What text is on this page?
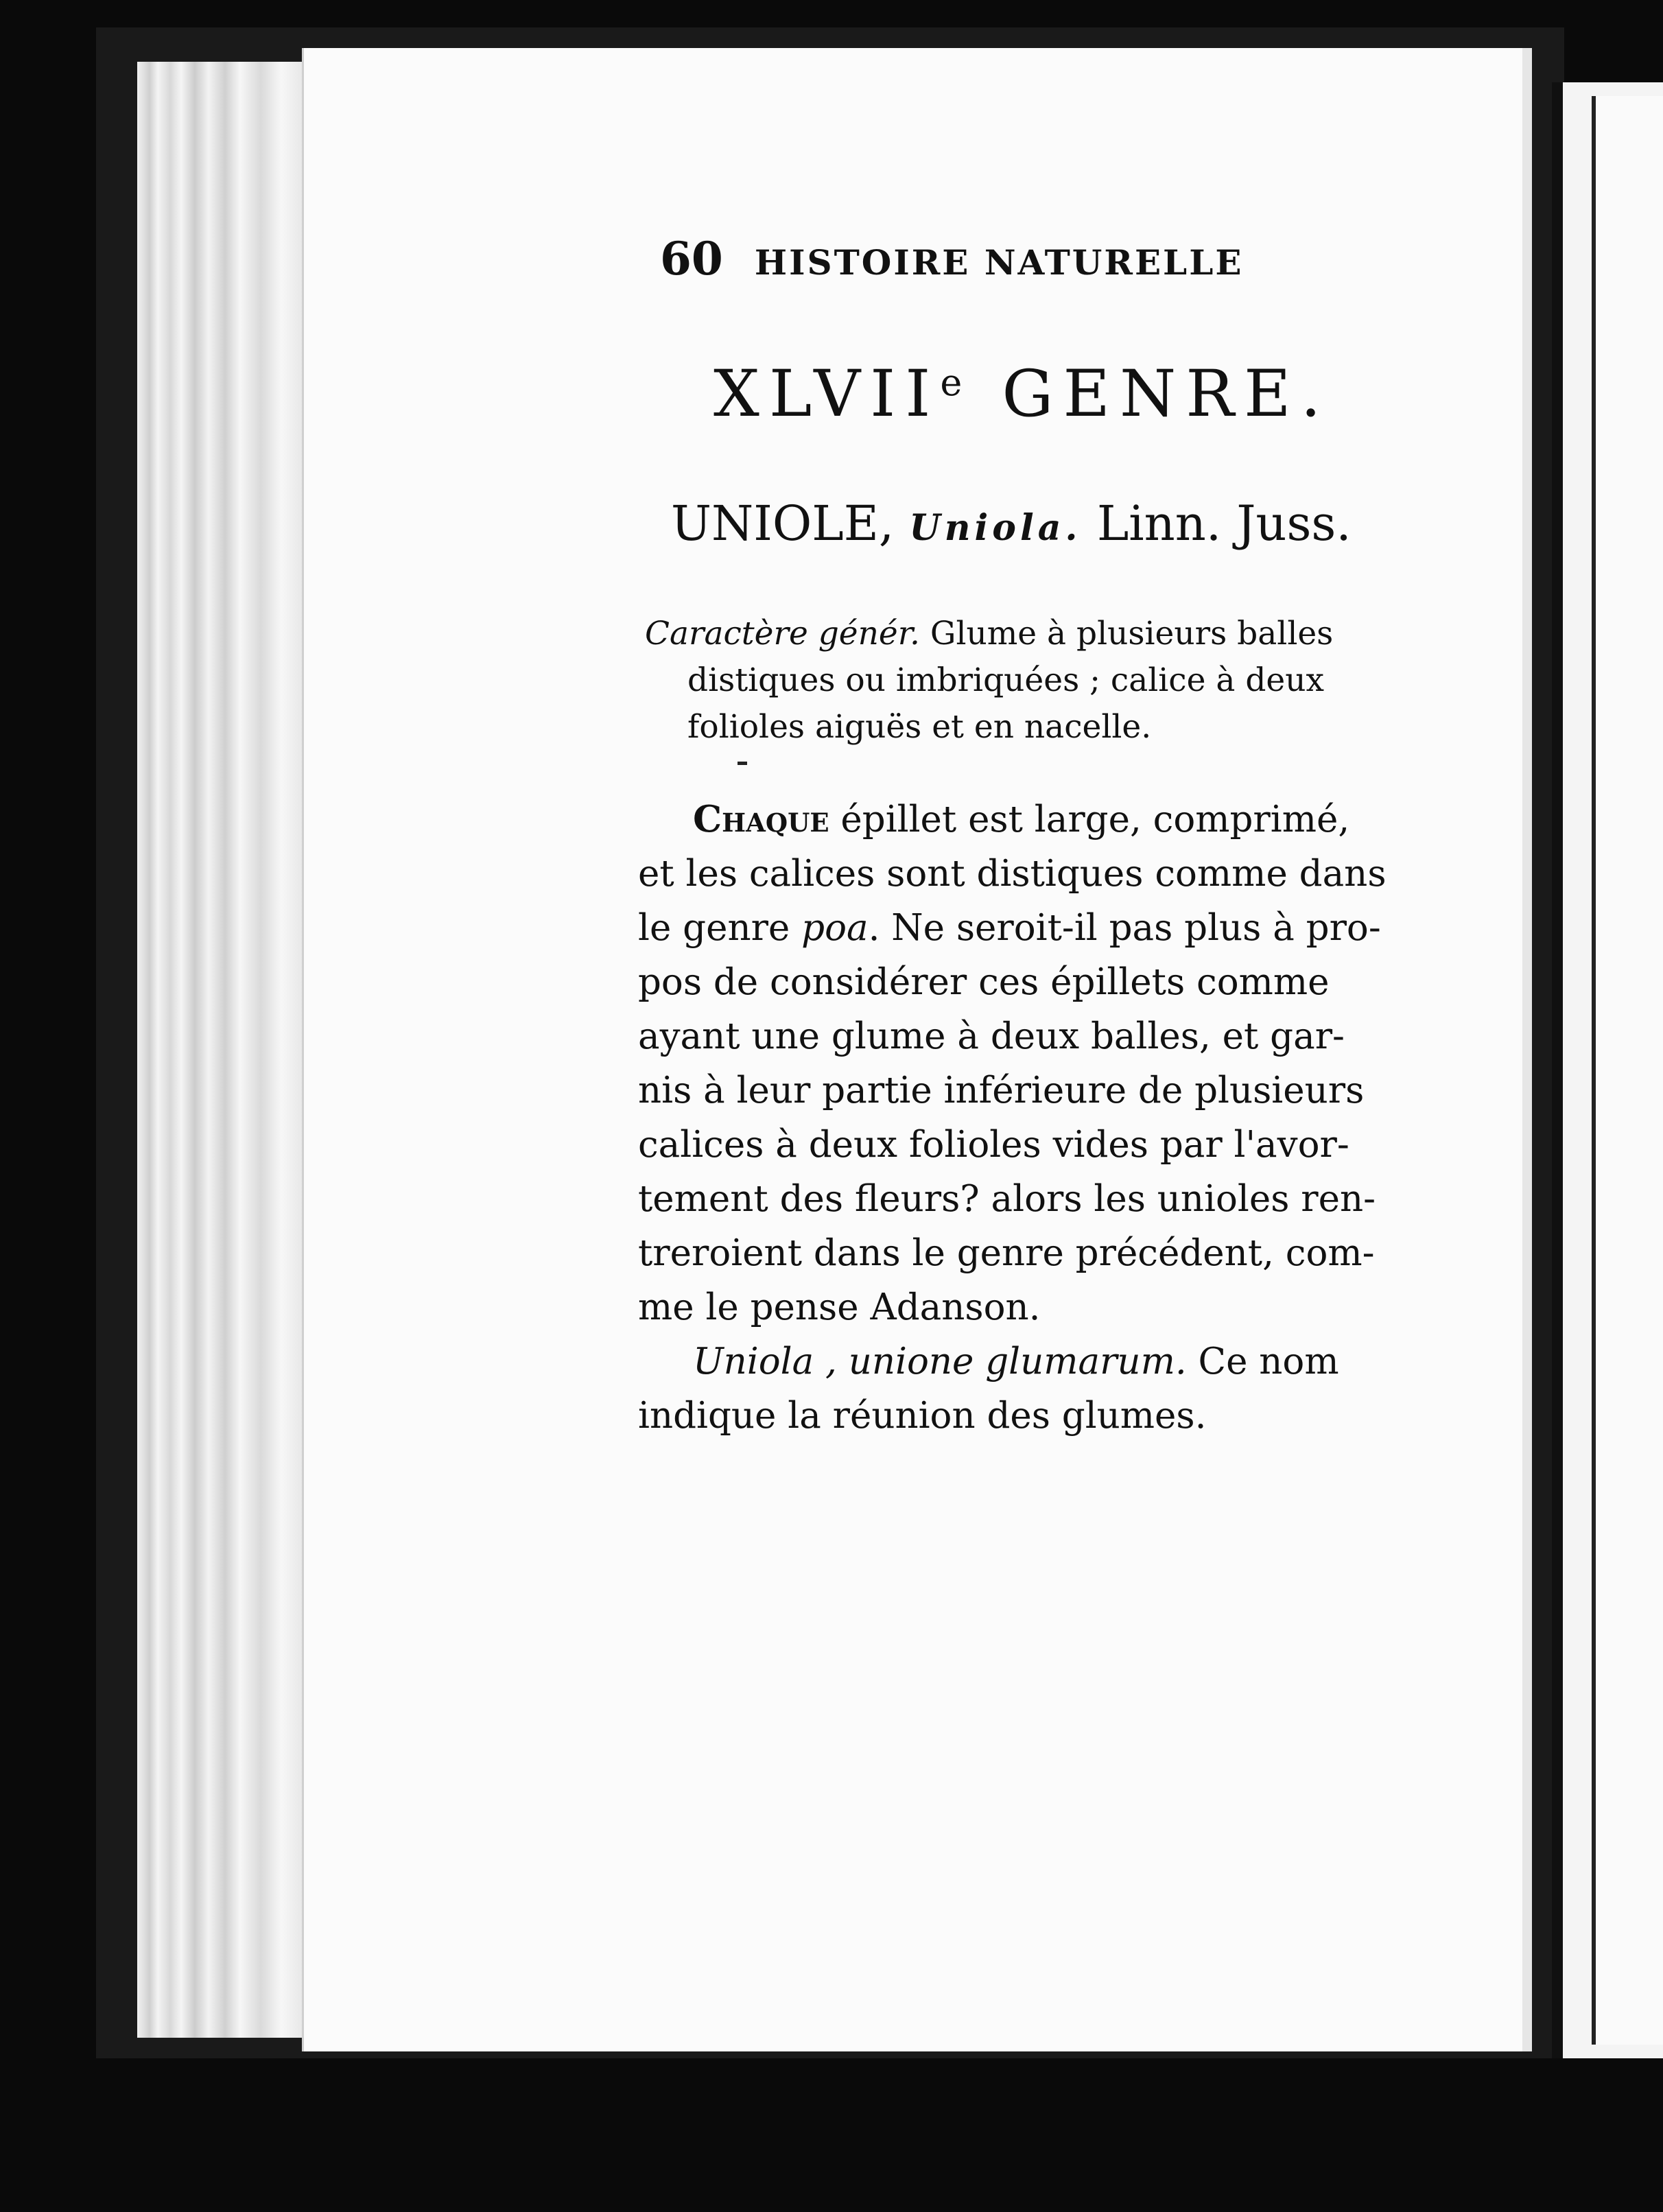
60 HISTOIRE NATURELLE
XLVIIe GENRE.
UNIOLE, Uniola. Linn. Juss.
Caractère génér. Glume à plusieurs balles
distiques ou imbriquées ; calice à deux
folioles aiguës et en nacelle.
Chaque épillet est large, comprimé,
et les calices sont distiques comme dans
le genre poa. Ne seroit-il pas plus à pro-
pos de considérer ces épillets comme
ayant une glume à deux balles, et gar-
nis à leur partie inférieure de plusieurs
calices à deux folioles vides par l'avor-
tement des fleurs? alors les unioles ren-
treroient dans le genre précédent, com-
me le pense Adanson.
Uniola , unione glumarum. Ce nom
indique la réunion des glumes.
